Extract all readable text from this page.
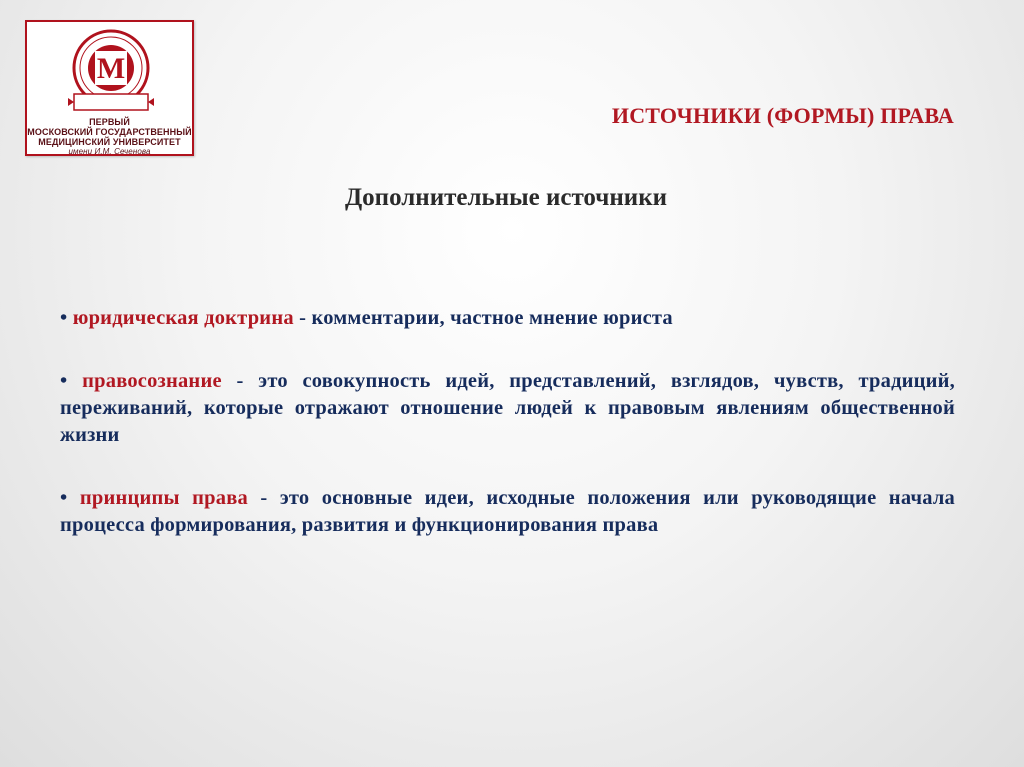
М
ПЕРВЫЙ
МОСКОВСКИЙ ГОСУДАРСТВЕННЫЙ
МЕДИЦИНСКИЙ УНИВЕРСИТЕТ
имени И.М. Сеченова
ИСТОЧНИКИ (ФОРМЫ) ПРАВА
Дополнительные источники

• юридическая доктрина - комментарии, частное мнение юриста

• правосознание - это совокупность идей, представлений, взглядов, чувств, традиций, переживаний, которые отражают отношение людей к правовым явлениям общественной жизни

• принципы права - это основные идеи, исходные положения или руководящие начала процесса формирования, развития и функционирования права
